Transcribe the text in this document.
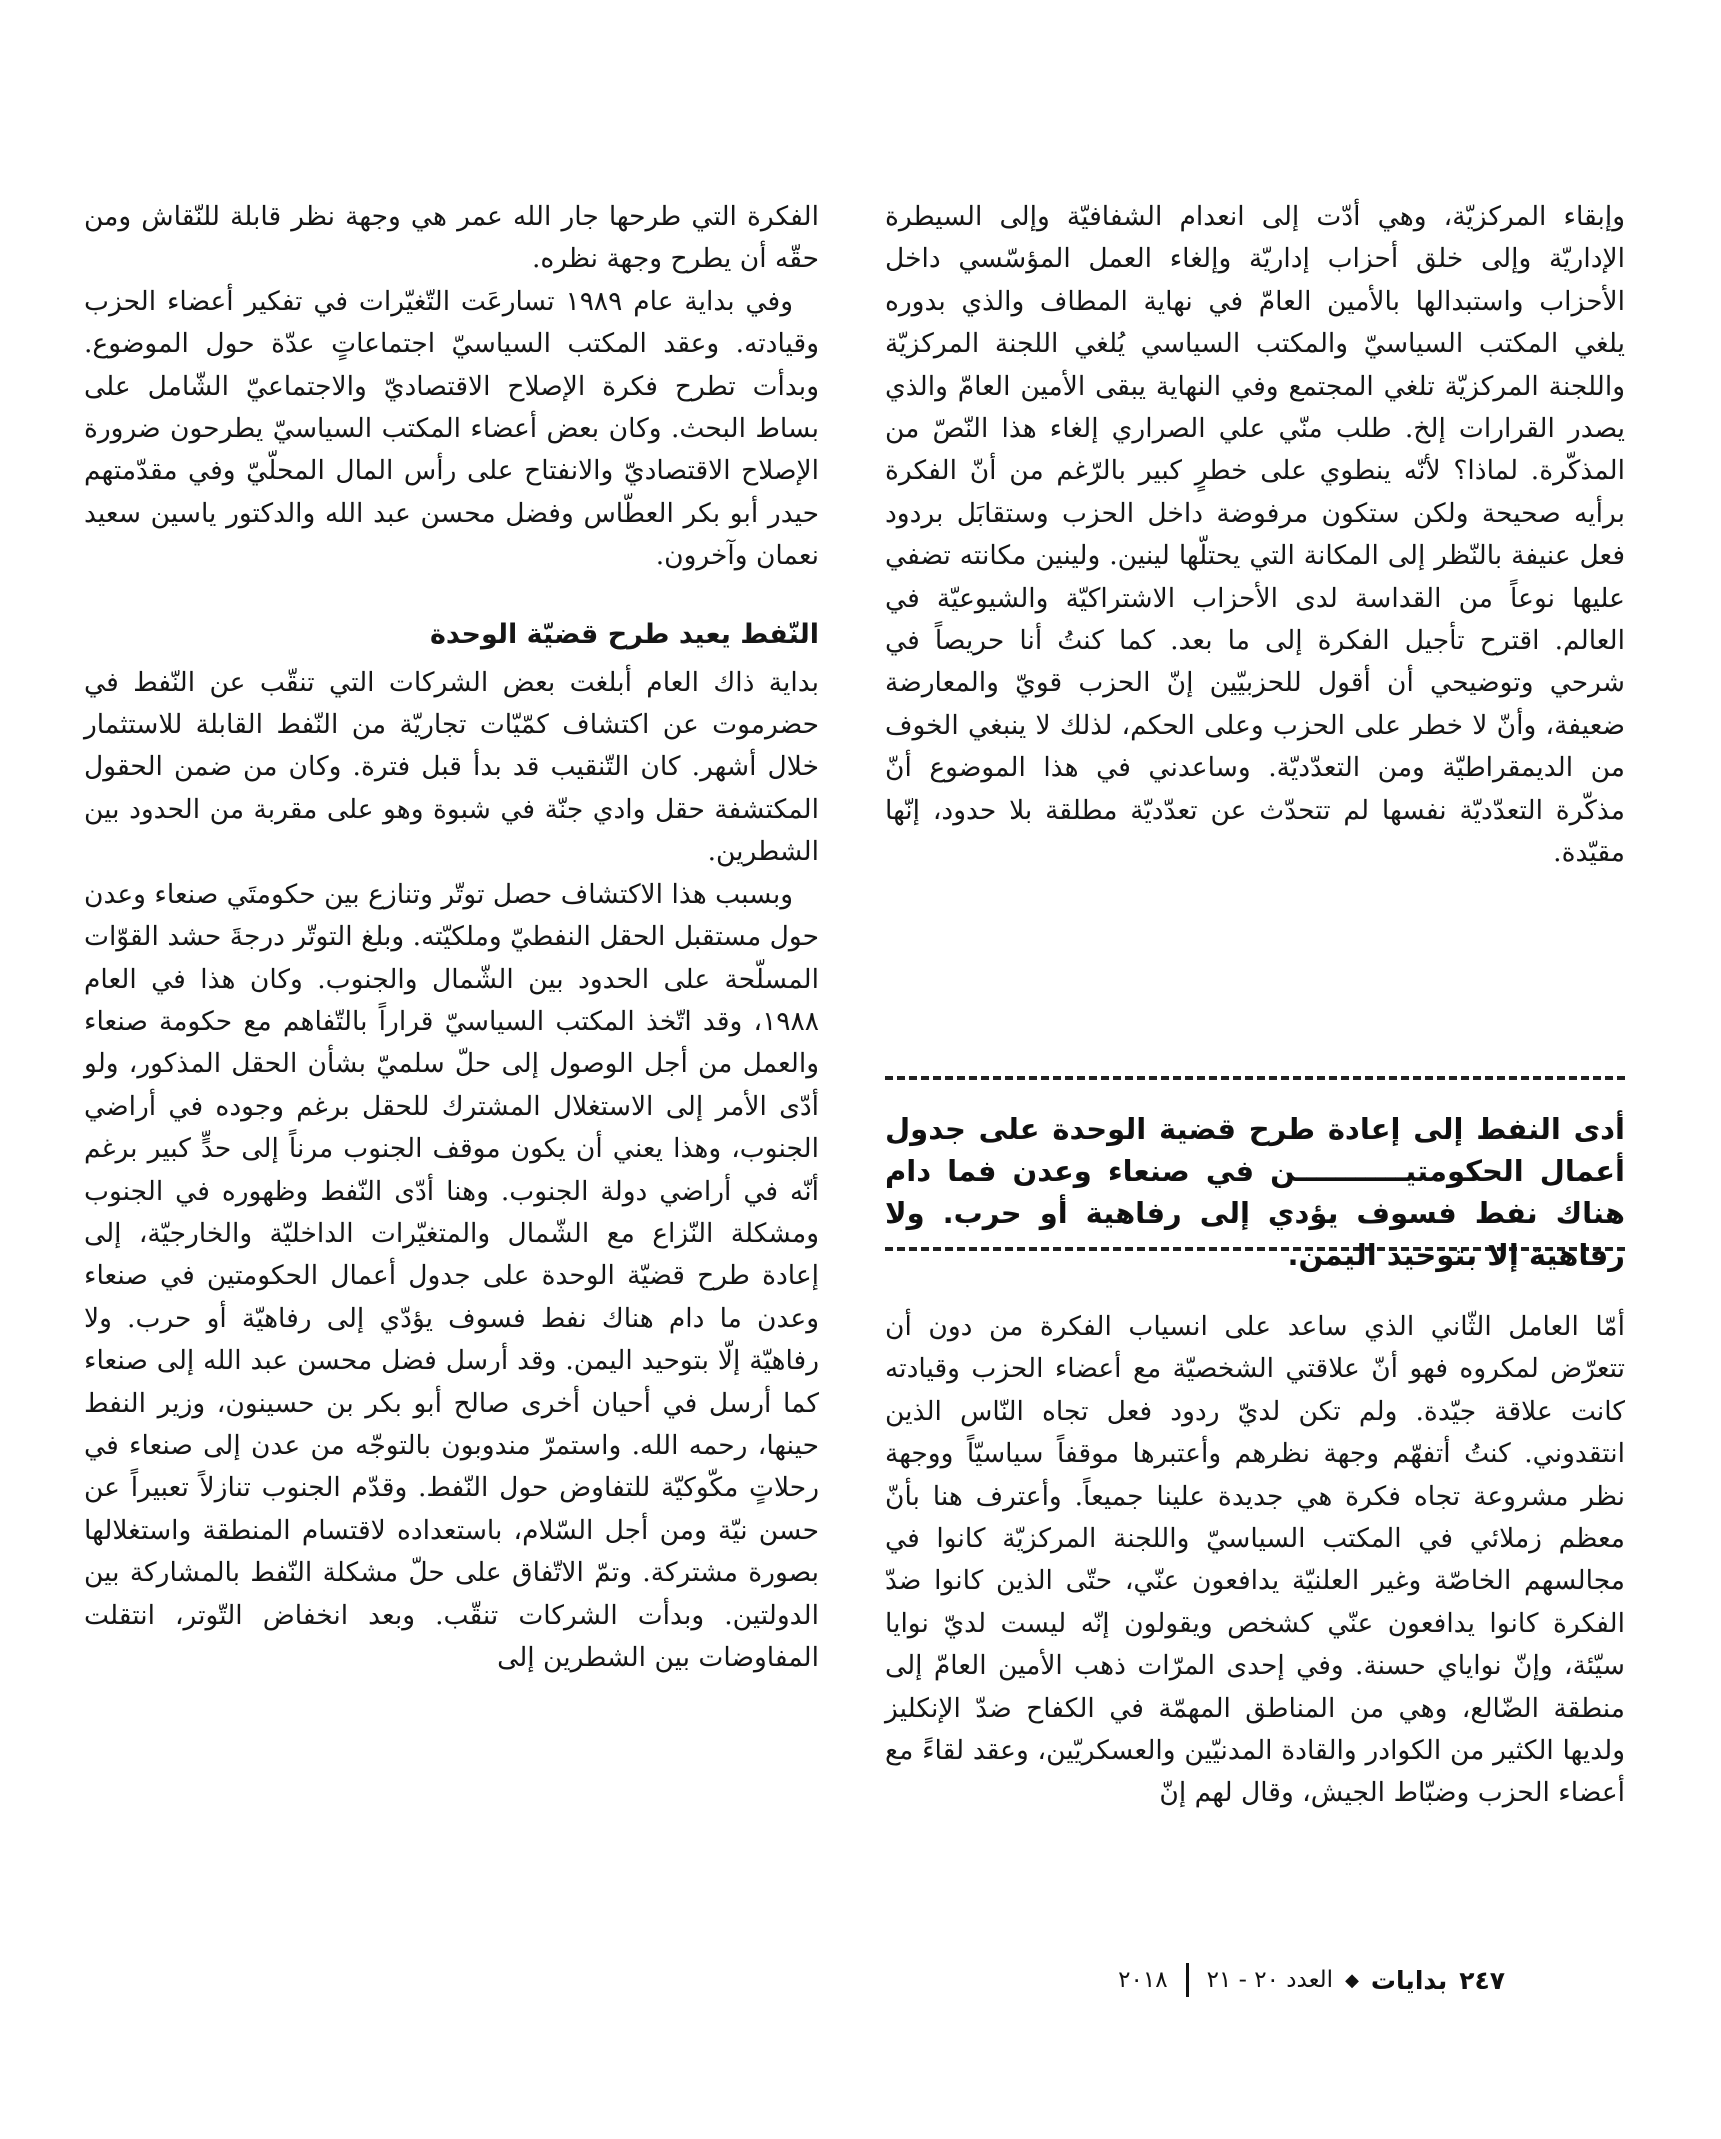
وإبقاء المركزيّة، وهي أدّت إلى انعدام الشفافيّة وإلى السيطرة الإداريّة وإلى خلق أحزاب إداريّة وإلغاء العمل المؤسّسي داخل الأحزاب واستبدالها بالأمين العامّ في نهاية المطاف والذي بدوره يلغي المكتب السياسيّ والمكتب السياسي يُلغي اللجنة المركزيّة واللجنة المركزيّة تلغي المجتمع وفي النهاية يبقى الأمين العامّ والذي يصدر القرارات إلخ. طلب منّي علي الصراري إلغاء هذا النّصّ من المذكّرة. لماذا؟ لأنّه ينطوي على خطرٍ كبير بالرّغم من أنّ الفكرة برأيه صحيحة ولكن ستكون مرفوضة داخل الحزب وستقابَل بردود فعل عنيفة بالنّظر إلى المكانة التي يحتلّها لينين. ولينين مكانته تضفي عليها نوعاً من القداسة لدى الأحزاب الاشتراكيّة والشيوعيّة في العالم. اقترح تأجيل الفكرة إلى ما بعد. كما كنتُ أنا حريصاً في شرحي وتوضيحي أن أقول للحزبيّين إنّ الحزب قويّ والمعارضة ضعيفة، وأنّ لا خطر على الحزب وعلى الحكم، لذلك لا ينبغي الخوف من الديمقراطيّة ومن التعدّديّة. وساعدني في هذا الموضوع أنّ مذكّرة التعدّديّة نفسها لم تتحدّث عن تعدّديّة مطلقة بلا حدود، إنّها مقيّدة.

أدى النفط إلى إعادة طرح قضية الوحدة على جدول أعمال الحكومتيـــــــــــن في صنعاء وعدن فما دام هناك نفط فسوف يؤدي إلى رفاهية أو حرب. ولا رفاهية إلا بتوحيد اليمن.

أمّا العامل الثّاني الذي ساعد على انسياب الفكرة من دون أن تتعرّض لمكروه فهو أنّ علاقتي الشخصيّة مع أعضاء الحزب وقيادته كانت علاقة جيّدة. ولم تكن لديّ ردود فعل تجاه النّاس الذين انتقدوني. كنتُ أتفهّم وجهة نظرهم وأعتبرها موقفاً سياسيّاً ووجهة نظر مشروعة تجاه فكرة هي جديدة علينا جميعاً. وأعترف هنا بأنّ معظم زملائي في المكتب السياسيّ واللجنة المركزيّة كانوا في مجالسهم الخاصّة وغير العلنيّة يدافعون عنّي، حتّى الذين كانوا ضدّ الفكرة كانوا يدافعون عنّي كشخص ويقولون إنّه ليست لديّ نوايا سيّئة، وإنّ نواياي حسنة. وفي إحدى المرّات ذهب الأمين العامّ إلى منطقة الضّالع، وهي من المناطق المهمّة في الكفاح ضدّ الإنكليز ولديها الكثير من الكوادر والقادة المدنيّين والعسكريّين، وعقد لقاءً مع أعضاء الحزب وضبّاط الجيش، وقال لهم إنّ

الفكرة التي طرحها جار الله عمر هي وجهة نظر قابلة للنّقاش ومن حقّه أن يطرح وجهة نظره.

وفي بداية عام ١٩٨٩ تسارعَت التّغيّرات في تفكير أعضاء الحزب وقيادته. وعقد المكتب السياسيّ اجتماعاتٍ عدّة حول الموضوع. وبدأت تطرح فكرة الإصلاح الاقتصاديّ والاجتماعيّ الشّامل على بساط البحث. وكان بعض أعضاء المكتب السياسيّ يطرحون ضرورة الإصلاح الاقتصاديّ والانفتاح على رأس المال المحلّيّ وفي مقدّمتهم حيدر أبو بكر العطّاس وفضل محسن عبد الله والدكتور ياسين سعيد نعمان وآخرون.

النّفط يعيد طرح قضيّة الوحدة

بداية ذاك العام أبلغت بعض الشركات التي تنقّب عن النّفط في حضرموت عن اكتشاف كمّيّات تجاريّة من النّفط القابلة للاستثمار خلال أشهر. كان التّنقيب قد بدأ قبل فترة. وكان من ضمن الحقول المكتشفة حقل وادي جنّة في شبوة وهو على مقربة من الحدود بين الشطرين.

وبسبب هذا الاكتشاف حصل توتّر وتنازع بين حكومتَي صنعاء وعدن حول مستقبل الحقل النفطيّ وملكيّته. وبلغ التوتّر درجةَ حشد القوّات المسلّحة على الحدود بين الشّمال والجنوب. وكان هذا في العام ١٩٨٨، وقد اتّخذ المكتب السياسيّ قراراً بالتّفاهم مع حكومة صنعاء والعمل من أجل الوصول إلى حلّ سلميّ بشأن الحقل المذكور، ولو أدّى الأمر إلى الاستغلال المشترك للحقل برغم وجوده في أراضي الجنوب، وهذا يعني أن يكون موقف الجنوب مرناً إلى حدٍّ كبير برغم أنّه في أراضي دولة الجنوب. وهنا أدّى النّفط وظهوره في الجنوب ومشكلة النّزاع مع الشّمال والمتغيّرات الداخليّة والخارجيّة، إلى إعادة طرح قضيّة الوحدة على جدول أعمال الحكومتين في صنعاء وعدن ما دام هناك نفط فسوف يؤدّي إلى رفاهيّة أو حرب. ولا رفاهيّة إلّا بتوحيد اليمن. وقد أرسل فضل محسن عبد الله إلى صنعاء كما أرسل في أحيان أخرى صالح أبو بكر بن حسينون، وزير النفط حينها، رحمه الله. واستمرّ مندوبون بالتوجّه من عدن إلى صنعاء في رحلاتٍ مكّوكيّة للتفاوض حول النّفط. وقدّم الجنوب تنازلاً تعبيراً عن حسن نيّة ومن أجل السّلام، باستعداده لاقتسام المنطقة واستغلالها بصورة مشتركة. وتمّ الاتّفاق على حلّ مشكلة النّفط بالمشاركة بين الدولتين. وبدأت الشركات تنقّب. وبعد انخفاض التّوتر، انتقلت المفاوضات بين الشطرين إلى

٢٤٧
بدايات
◆
العدد ٢٠ - ٢١
٢٠١٨
